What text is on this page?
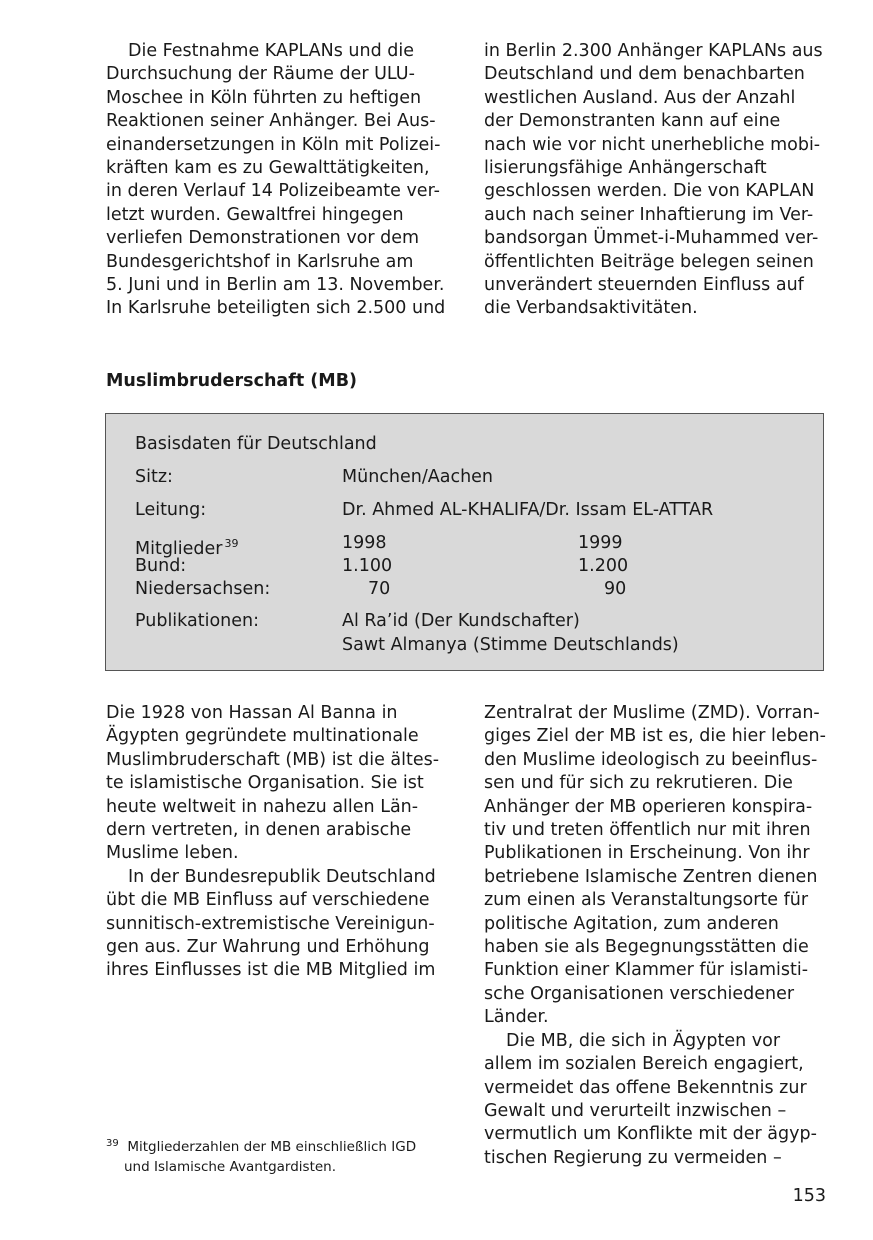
Die Festnahme KAPLANs und die
Durchsuchung der Räume der ULU-
Moschee in Köln führten zu heftigen
Reaktionen seiner Anhänger. Bei Aus-
einandersetzungen in Köln mit Polizei-
kräften kam es zu Gewalttätigkeiten,
in deren Verlauf 14 Polizeibeamte ver-
letzt wurden. Gewaltfrei hingegen
verliefen Demonstrationen vor dem
Bundesgerichtshof in Karlsruhe am
5. Juni und in Berlin am 13. November.
In Karlsruhe beteiligten sich 2.500 und
in Berlin 2.300 Anhänger KAPLANs aus
Deutschland und dem benachbarten
westlichen Ausland. Aus der Anzahl
der Demonstranten kann auf eine
nach wie vor nicht unerhebliche mobi-
lisierungsfähige Anhängerschaft
geschlossen werden. Die von KAPLAN
auch nach seiner Inhaftierung im Ver-
bandsorgan Ümmet-i-Muhammed ver-
öffentlichten Beiträge belegen seinen
unverändert steuernden Einfluss auf
die Verbandsaktivitäten.
Muslimbruderschaft (MB)
Basisdaten für Deutschland
Sitz:	München/Aachen
Leitung:	Dr. Ahmed AL-KHALIFA/Dr. Issam EL-ATTAR
Mitglieder $^{39}$	1998	1999
Bund:	1.100	1.200
Niedersachsen:	70	90
Publikationen:	Al Ra’id (Der Kundschafter)
Sawt Almanya (Stimme Deutschlands)
Die 1928 von Hassan Al Banna in
Ägypten gegründete multinationale
Muslimbruderschaft (MB) ist die ältes-
te islamistische Organisation. Sie ist
heute weltweit in nahezu allen Län-
dern vertreten, in denen arabische
Muslime leben.
In der Bundesrepublik Deutschland
übt die MB Einfluss auf verschiedene
sunnitisch-extremistische Vereinigun-
gen aus. Zur Wahrung und Erhöhung
ihres Einflusses ist die MB Mitglied im
Zentralrat der Muslime (ZMD). Vorran-
giges Ziel der MB ist es, die hier leben-
den Muslime ideologisch zu beeinflus-
sen und für sich zu rekrutieren. Die
Anhänger der MB operieren konspira-
tiv und treten öffentlich nur mit ihren
Publikationen in Erscheinung. Von ihr
betriebene Islamische Zentren dienen
zum einen als Veranstaltungsorte für
politische Agitation, zum anderen
haben sie als Begegnungsstätten die
Funktion einer Klammer für islamisti-
sche Organisationen verschiedener
Länder.
Die MB, die sich in Ägypten vor
allem im sozialen Bereich engagiert,
vermeidet das offene Bekenntnis zur
Gewalt und verurteilt inzwischen –
vermutlich um Konflikte mit der ägyp-
tischen Regierung zu vermeiden –
$^{39}$ Mitgliederzahlen der MB einschließlich IGD
und Islamische Avantgardisten.
153
